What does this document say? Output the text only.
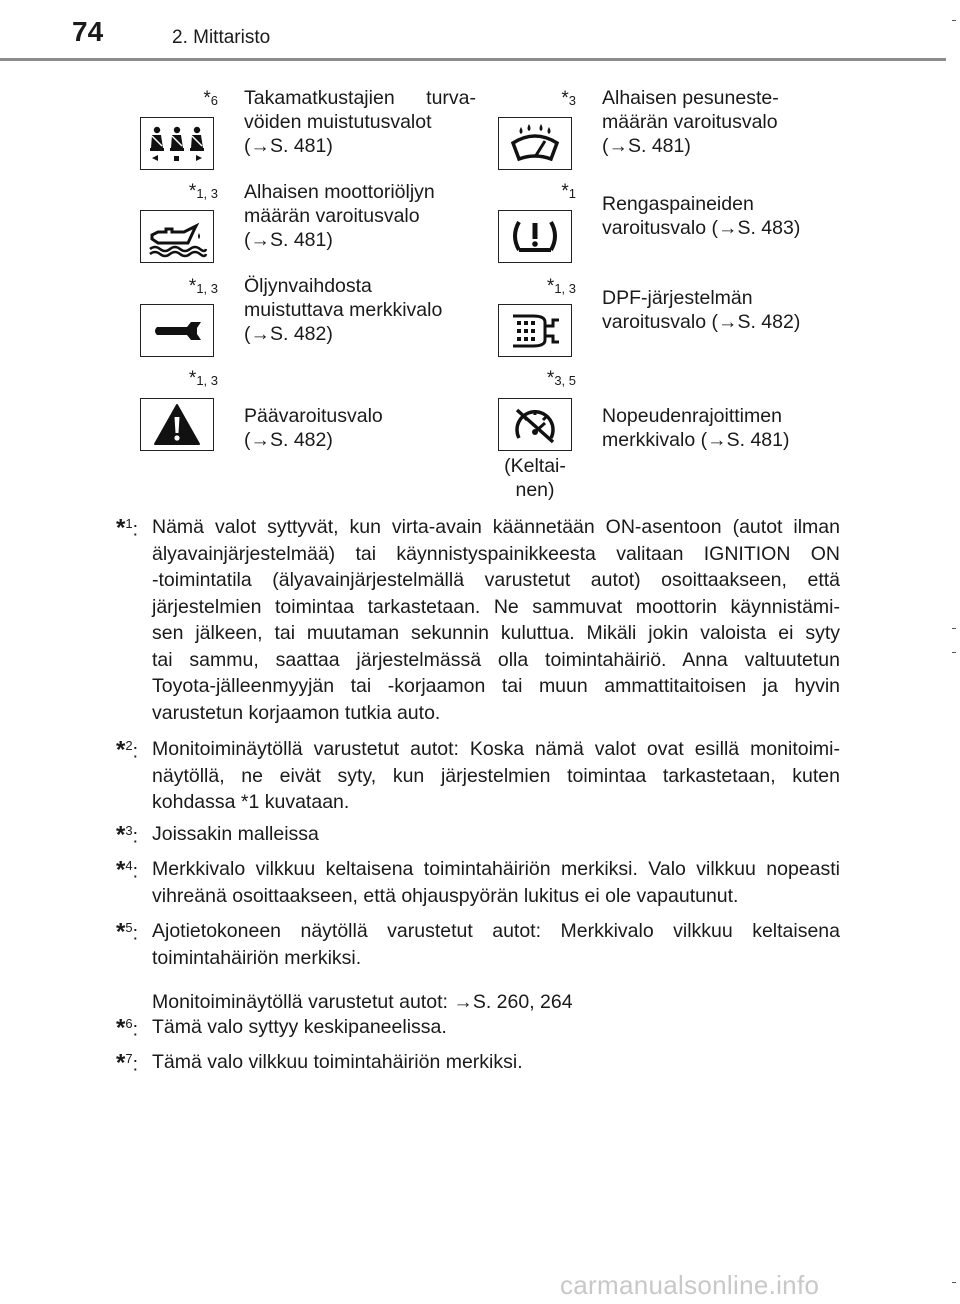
74	2. Mittaristo
$*_6$ Takamatkustajien turva-
vöiden muistutusvalot
(→S. 481)
$*_3$ Alhaisen pesuneste-
määrän varoitusvalo
(→S. 481)
$*_{1, 3}$ Alhaisen moottoriöljyn
määrän varoitusvalo
(→S. 481)
$*_1$ Rengaspaineiden
varoitusvalo (→S. 483)
$*_{1, 3}$ Öljynvaihdosta
muistuttava merkkivalo
(→S. 482)
$*_{1, 3}$ DPF-järjestelmän
varoitusvalo (→S. 482)
$*_{1, 3}$
Päävaroitusvalo
(→S. 482)
$*_{3, 5}$
(Keltai-
nen)
Nopeudenrajoittimen
merkkivalo (→S. 481)
*$^1$: Nämä valot syttyvät, kun virta-avain käännetään ON-asentoon (autot ilman
älyavainjärjestelmää) tai käynnistyspainikkeesta valitaan IGNITION ON
-toimintatila (älyavainjärjestelmällä varustetut autot) osoittaakseen, että
järjestelmien toimintaa tarkastetaan. Ne sammuvat moottorin käynnistämi-
sen jälkeen, tai muutaman sekunnin kuluttua. Mikäli jokin valoista ei syty
tai sammu, saattaa järjestelmässä olla toimintahäiriö. Anna valtuutetun
Toyota-jälleenmyyjän tai -korjaamon tai muun ammattitaitoisen ja hyvin
varustetun korjaamon tutkia auto.
*$^2$: Monitoiminäytöllä varustetut autot: Koska nämä valot ovat esillä monitoimi-
näytöllä, ne eivät syty, kun järjestelmien toimintaa tarkastetaan, kuten
kohdassa *1 kuvataan.
*$^3$: Joissakin malleissa
*$^4$: Merkkivalo vilkkuu keltaisena toimintahäiriön merkiksi. Valo vilkkuu nopeasti
vihreänä osoittaakseen, että ohjauspyörän lukitus ei ole vapautunut.
*$^5$: Ajotietokoneen näytöllä varustetut autot: Merkkivalo vilkkuu keltaisena
toimintahäiriön merkiksi.
Monitoiminäytöllä varustetut autot: →S. 260, 264
*$^6$: Tämä valo syttyy keskipaneelissa.
*$^7$: Tämä valo vilkkuu toimintahäiriön merkiksi.
carmanualsonline.info
